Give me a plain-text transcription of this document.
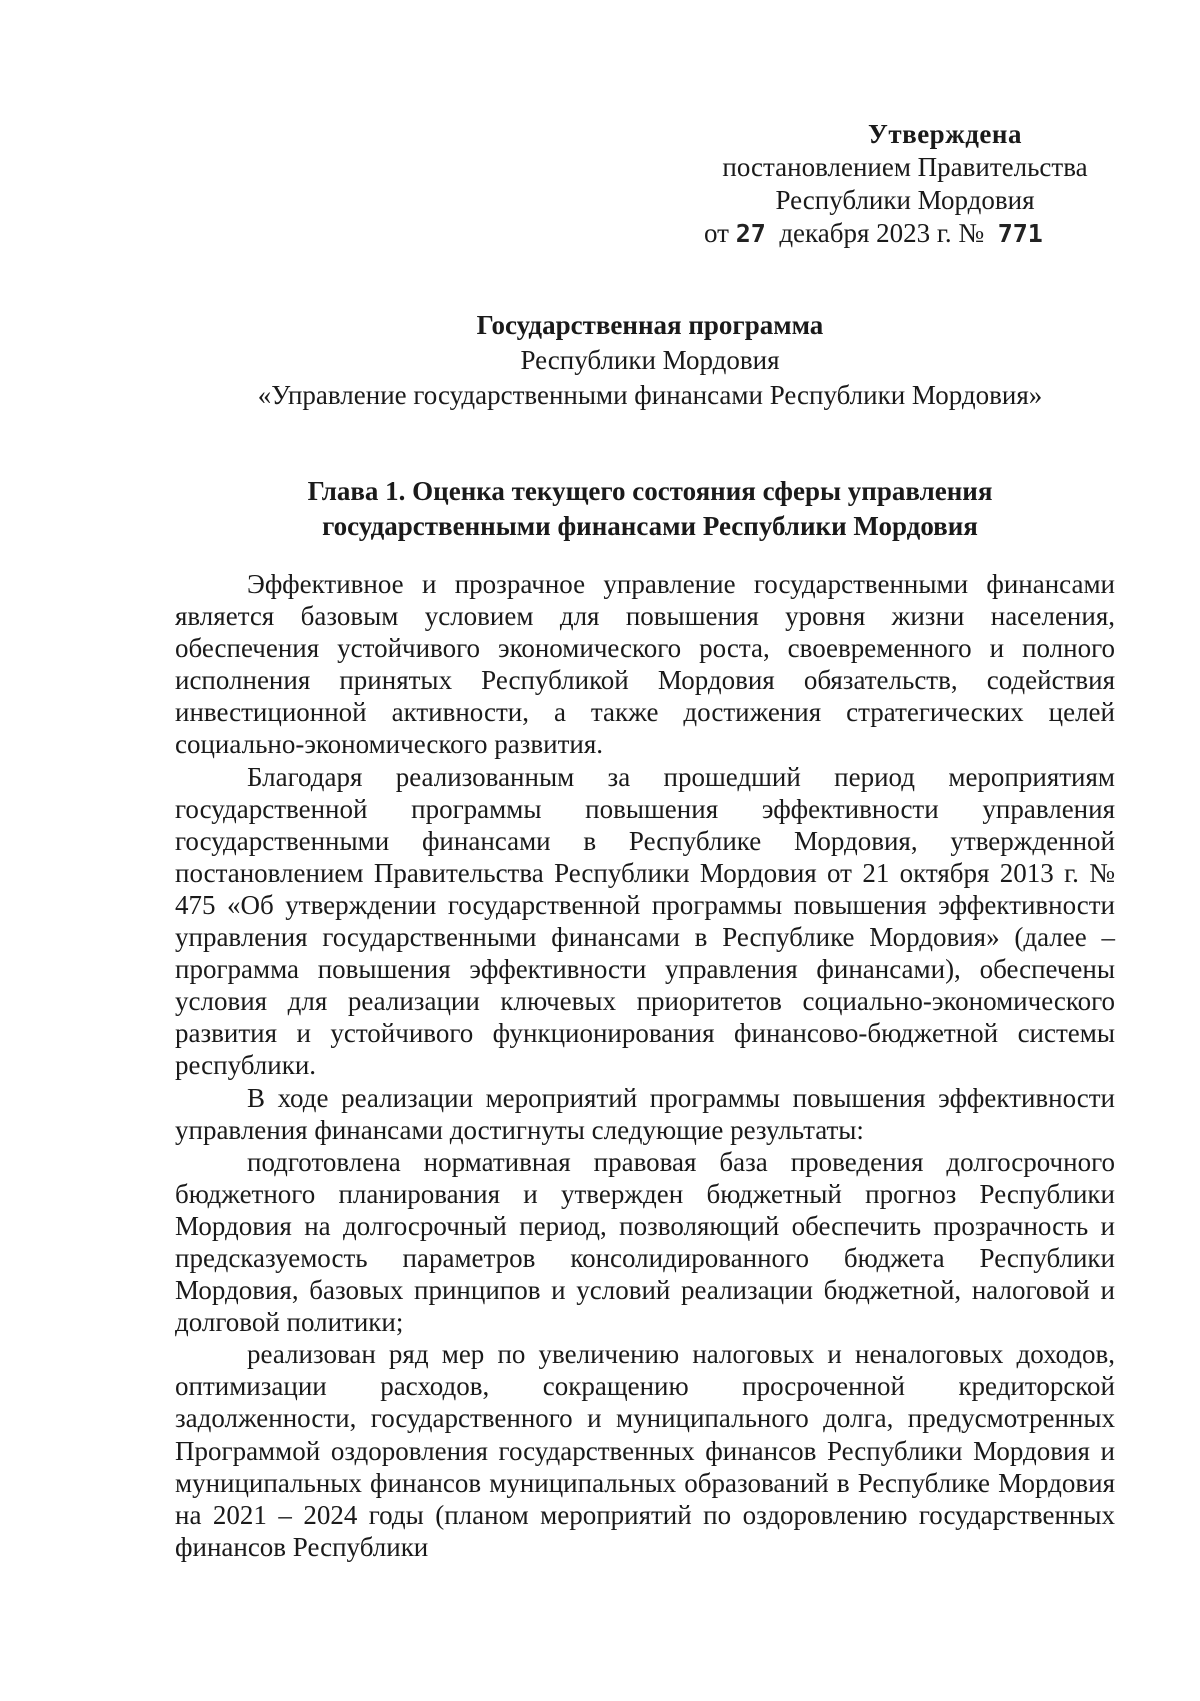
Утверждена
постановлением Правительства
Республики Мордовия
от 27 декабря 2023 г. № 771
Государственная программа
Республики Мордовия
«Управление государственными финансами Республики Мордовия»
Глава 1. Оценка текущего состояния сферы управления
государственными финансами Республики Мордовия

Эффективное и прозрачное управление государственными финансами является базовым условием для повышения уровня жизни населения, обеспечения устойчивого экономического роста, своевременного и полного исполнения принятых Республикой Мордовия обязательств, содействия инвестиционной активности, а также достижения стратегических целей социально-экономического развития.

Благодаря реализованным за прошедший период мероприятиям государственной программы повышения эффективности управления государственными финансами в Республике Мордовия, утвержденной постановлением Правительства Республики Мордовия от 21 октября 2013 г. № 475 «Об утверждении государственной программы повышения эффективности управления государственными финансами в Республике Мордовия» (далее – программа повышения эффективности управления финансами), обеспечены условия для реализации ключевых приоритетов социально-экономического развития и устойчивого функционирования финансово-бюджетной системы республики.

В ходе реализации мероприятий программы повышения эффективности управления финансами достигнуты следующие результаты:

подготовлена нормативная правовая база проведения долгосрочного бюджетного планирования и утвержден бюджетный прогноз Республики Мордовия на долгосрочный период, позволяющий обеспечить прозрачность и предсказуемость параметров консолидированного бюджета Республики Мордовия, базовых принципов и условий реализации бюджетной, налоговой и долговой политики;

реализован ряд мер по увеличению налоговых и неналоговых доходов, оптимизации расходов, сокращению просроченной кредиторской задолженности, государственного и муниципального долга, предусмотренных Программой оздоровления государственных финансов Республики Мордовия и муниципальных финансов муниципальных образований в Республике Мордовия на 2021 – 2024 годы (планом мероприятий по оздоровлению государственных финансов Республики
